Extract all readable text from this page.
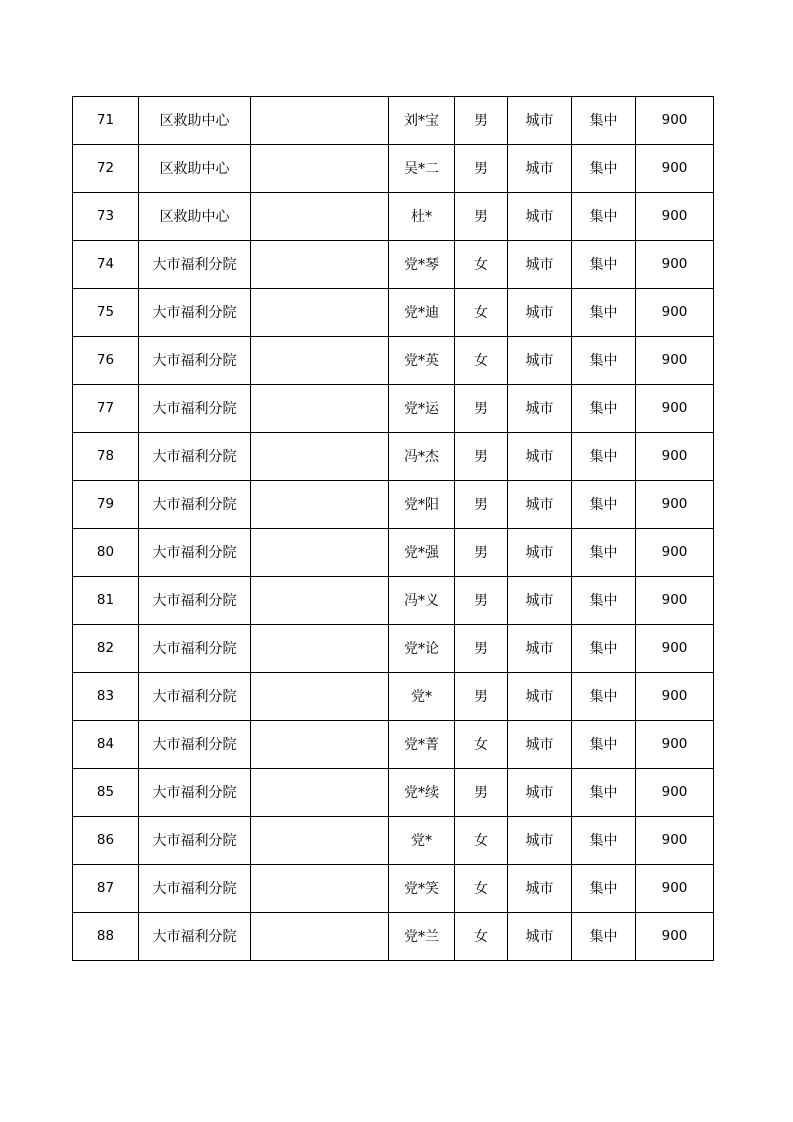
71	区救助中心		刘*宝	男	城市	集中	900
72	区救助中心		吴*二	男	城市	集中	900
73	区救助中心		杜*	男	城市	集中	900
74	大市福利分院		党*琴	女	城市	集中	900
75	大市福利分院		党*迪	女	城市	集中	900
76	大市福利分院		党*英	女	城市	集中	900
77	大市福利分院		党*运	男	城市	集中	900
78	大市福利分院		冯*杰	男	城市	集中	900
79	大市福利分院		党*阳	男	城市	集中	900
80	大市福利分院		党*强	男	城市	集中	900
81	大市福利分院		冯*义	男	城市	集中	900
82	大市福利分院		党*论	男	城市	集中	900
83	大市福利分院		党*	男	城市	集中	900
84	大市福利分院		党*菁	女	城市	集中	900
85	大市福利分院		党*续	男	城市	集中	900
86	大市福利分院		党*	女	城市	集中	900
87	大市福利分院		党*笑	女	城市	集中	900
88	大市福利分院		党*兰	女	城市	集中	900
